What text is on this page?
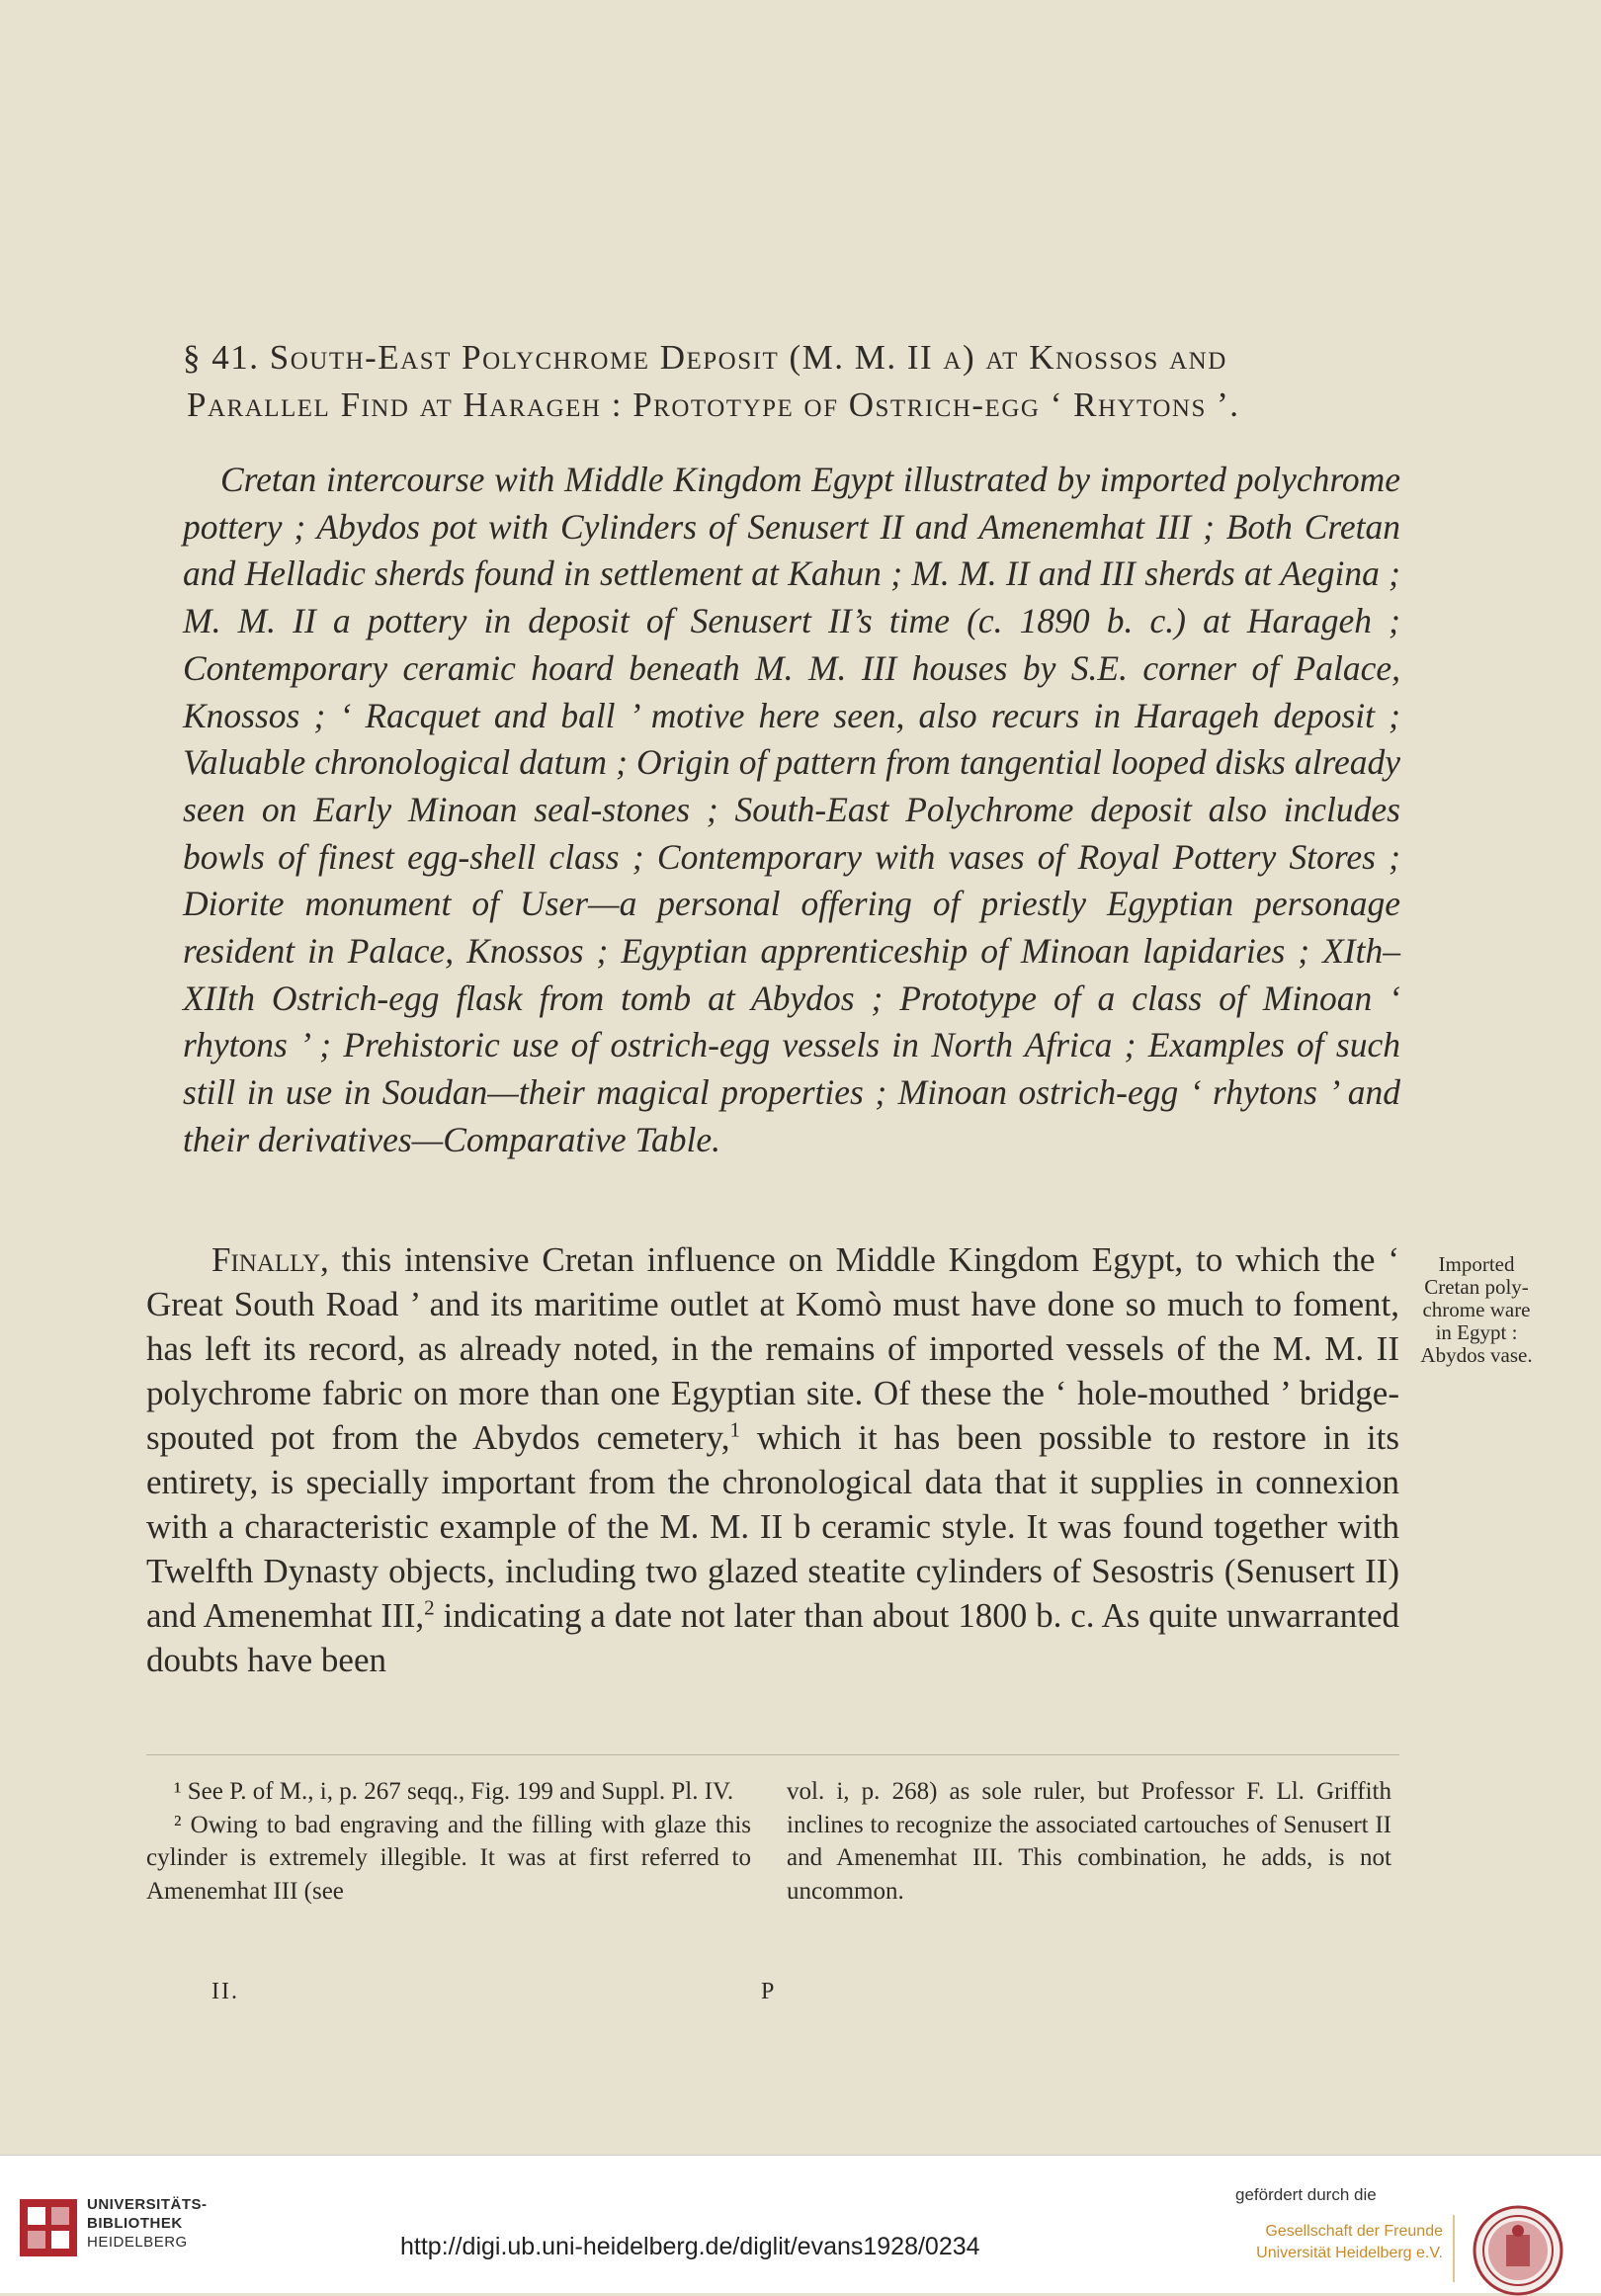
§ 41. South-East Polychrome Deposit (M. M. II a) at Knossos and
Parallel Find at Harageh : Prototype of Ostrich-egg ‘ Rhytons ’.
Cretan intercourse with Middle Kingdom Egypt illustrated by imported polychrome pottery ; Abydos pot with Cylinders of Senusert II and Amenemhat III ; Both Cretan and Helladic sherds found in settlement at Kahun ; M. M. II and III sherds at Aegina ; M. M. II a pottery in deposit of Senusert II’s time (c. 1890 b. c.) at Harageh ; Contemporary ceramic hoard beneath M. M. III houses by S.E. corner of Palace, Knossos ; ‘ Racquet and ball ’ motive here seen, also recurs in Harageh deposit ; Valuable chronological datum ; Origin of pattern from tangential looped disks already seen on Early Minoan seal-stones ; South-East Polychrome deposit also includes bowls of finest egg-shell class ; Contemporary with vases of Royal Pottery Stores ; Diorite monument of User—a personal offering of priestly Egyptian personage resident in Palace, Knossos ; Egyptian apprenticeship of Minoan lapidaries ; XIth–XIIth Ostrich-egg flask from tomb at Abydos ; Prototype of a class of Minoan ‘ rhytons ’ ; Prehistoric use of ostrich-egg vessels in North Africa ; Examples of such still in use in Soudan—their magical properties ; Minoan ostrich-egg ‘ rhytons ’ and their derivatives—Comparative Table.
Finally, this intensive Cretan influence on Middle Kingdom Egypt, to which the ‘ Great South Road ’ and its maritime outlet at Komò must have done so much to foment, has left its record, as already noted, in the remains of imported vessels of the M. M. II polychrome fabric on more than one Egyptian site. Of these the ‘ hole-mouthed ’ bridge-spouted pot from the Abydos cemetery,$^1$ which it has been possible to restore in its entirety, is specially important from the chronological data that it supplies in connexion with a characteristic example of the M. M. II b ceramic style. It was found together with Twelfth Dynasty objects, including two glazed steatite cylinders of Sesostris (Senusert II) and Amenemhat III,$^2$ indicating a date not later than about 1800 b. c. As quite unwarranted doubts have been
Imported Cretan poly-chrome ware in Egypt : Abydos vase.

¹ See P. of M., i, p. 267 seqq., Fig. 199 and Suppl. Pl. IV.

² Owing to bad engraving and the filling with glaze this cylinder is extremely illegible. It was at first referred to Amenemhat III (see

vol. i, p. 268) as sole ruler, but Professor F. Ll. Griffith inclines to recognize the associated cartouches of Senusert II and Amenemhat III. This combination, he adds, is not uncommon.

II.	P
UNIVERSITÄTS-
BIBLIOTHEK
HEIDELBERG	http://digi.ub.uni-heidelberg.de/diglit/evans1928/0234
gefördert durch die
Gesellschaft der Freunde
Universität Heidelberg e.V.
